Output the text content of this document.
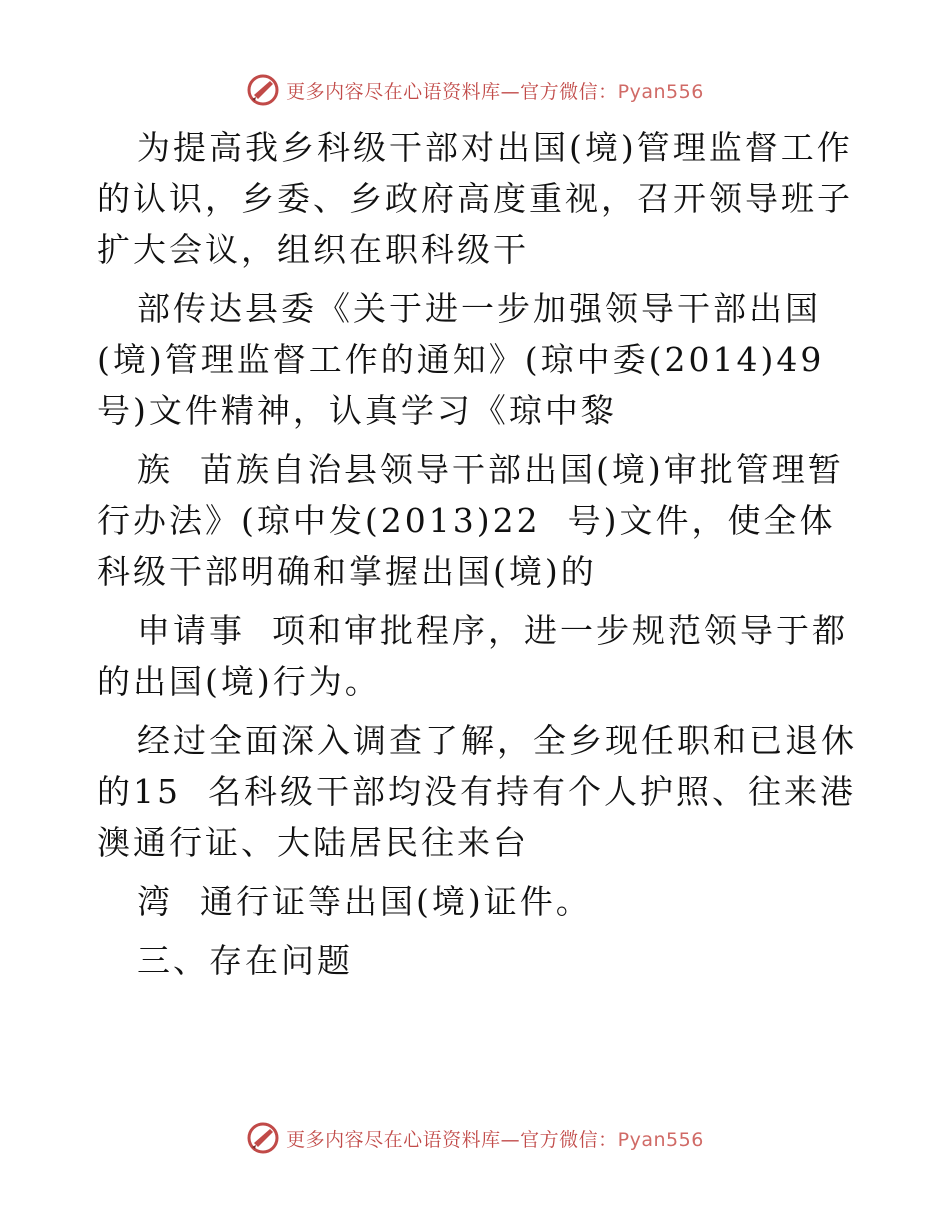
更多内容尽在心语资料库—官方微信：Pyan556

为提高我乡科级干部对出国(境)管理监督工作的认识，乡委、乡政府高度重视，召开领导班子扩大会议，组织在职科级干

部传达县委《关于进一步加强领导干部出国(境)管理监督工作的通知》(琼中委(2014)49  号)文件精神，认真学习《琼中黎

族  苗族自治县领导干部出国(境)审批管理暂行办法》(琼中发(2013)22  号)文件，使全体科级干部明确和掌握出国(境)的

申请事  项和审批程序，进一步规范领导于都的出国(境)行为。

经过全面深入调查了解，全乡现任职和已退休的15  名科级干部均没有持有个人护照、往来港澳通行证、大陆居民往来台

湾  通行证等出国(境)证件。

三、存在问题

更多内容尽在心语资料库—官方微信：Pyan556
